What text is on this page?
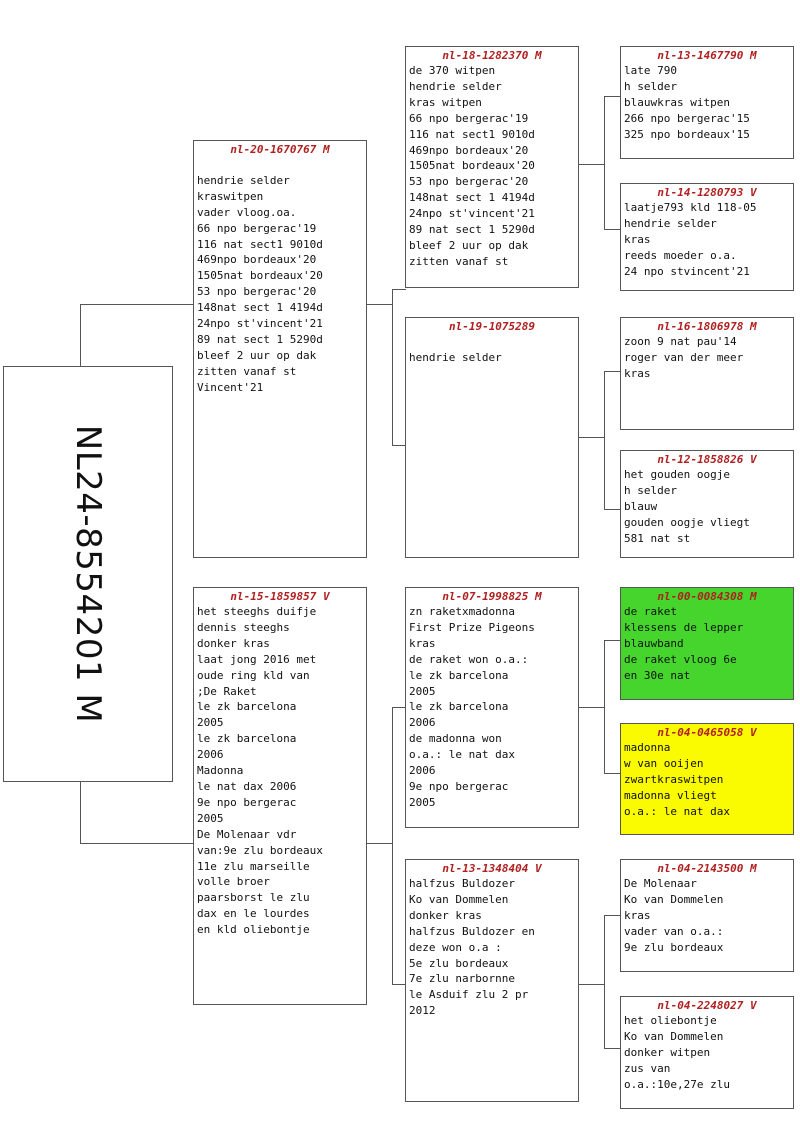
NL24-8554201 M
nl-20-1670767 M

hendrie selder
kraswitpen
vader vloog.oa.
66 npo bergerac'19
116 nat sect1 9010d
469npo bordeaux'20
1505nat bordeaux'20
53 npo bergerac'20
148nat sect 1 4194d
24npo st'vincent'21
89 nat sect 1 5290d
bleef 2 uur op dak
zitten vanaf st
Vincent'21
nl-15-1859857 V
het steeghs duifje
dennis steeghs
donker kras
laat jong 2016 met
oude ring kld van
;De Raket
le zk barcelona
2005
le zk barcelona
2006
Madonna
le nat dax 2006
9e npo bergerac
2005
De Molenaar vdr
van:9e zlu bordeaux
11e zlu marseille
volle broer
paarsborst le zlu
dax en le lourdes
en kld oliebontje
nl-18-1282370 M
de 370 witpen
hendrie selder
kras witpen
66 npo bergerac'19
116 nat sect1 9010d
469npo bordeaux'20
1505nat bordeaux'20
53 npo bergerac'20
148nat sect 1 4194d
24npo st'vincent'21
89 nat sect 1 5290d
bleef 2 uur op dak
zitten vanaf st
nl-19-1075289

hendrie selder
nl-07-1998825 M
zn raketxmadonna
First Prize Pigeons
kras
de raket won o.a.:
le zk barcelona
2005
le zk barcelona
2006
de madonna won
o.a.: le nat dax
2006
9e npo bergerac
2005
nl-13-1348404 V
halfzus Buldozer
Ko van Dommelen
donker kras
halfzus Buldozer en
deze won o.a :
5e zlu bordeaux
7e zlu narbornne
le Asduif zlu 2 pr
2012
nl-13-1467790 M
late 790
h selder
blauwkras witpen
266 npo bergerac'15
325 npo bordeaux'15
nl-14-1280793 V
laatje793 kld 118-05
hendrie selder
kras
reeds moeder o.a.
24 npo stvincent'21
nl-16-1806978 M
zoon 9 nat pau'14
roger van der meer
kras
nl-12-1858826 V
het gouden oogje
h selder
blauw
gouden oogje vliegt
581 nat st
nl-00-0084308 M
de raket
klessens de lepper
blauwband
de raket vloog 6e
en 30e nat
nl-04-0465058 V
madonna
w van ooijen
zwartkraswitpen
madonna vliegt
o.a.: le nat dax
nl-04-2143500 M
De Molenaar
Ko van Dommelen
kras
vader van o.a.:
9e zlu bordeaux
nl-04-2248027 V
het oliebontje
Ko van Dommelen
donker witpen
zus van
o.a.:10e,27e zlu
